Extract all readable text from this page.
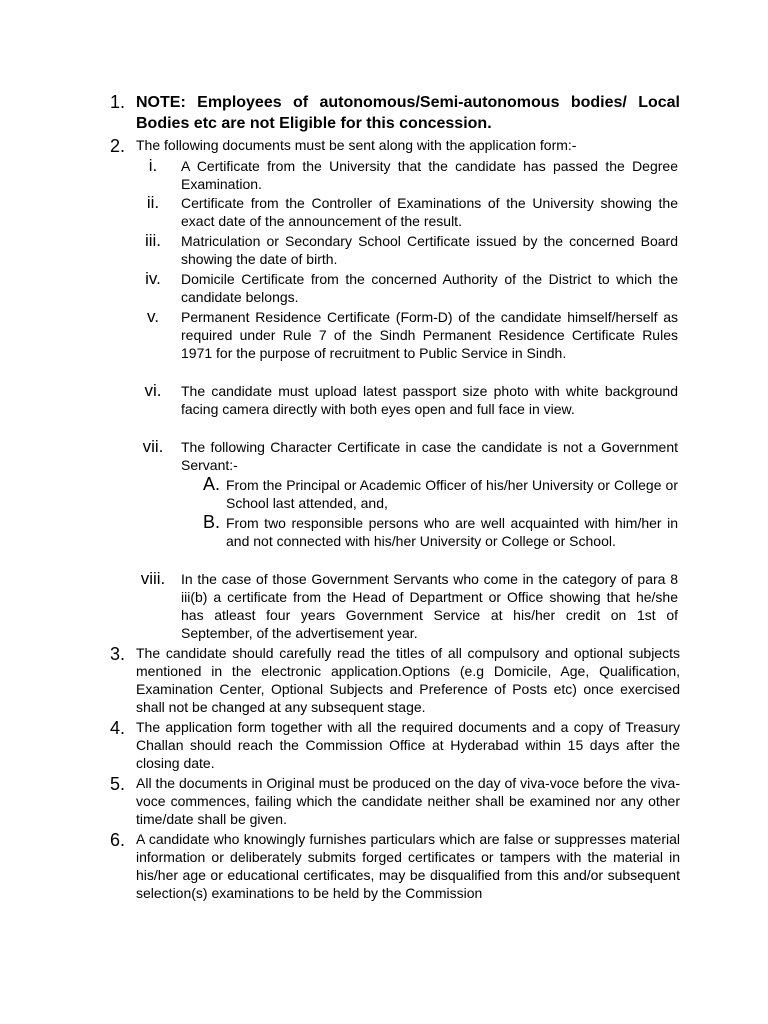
1. NOTE: Employees of autonomous/Semi-autonomous bodies/ Local Bodies etc are not Eligible for this concession.
2. The following documents must be sent along with the application form:-
i.	A Certificate from the University that the candidate has passed the Degree Examination.
ii.	Certificate from the Controller of Examinations of the University showing the exact date of the announcement of the result.
iii.	Matriculation or Secondary School Certificate issued by the concerned Board showing the date of birth.
iv.	Domicile Certificate from the concerned Authority of the District to which the candidate belongs.
v.	Permanent Residence Certificate (Form-D) of the candidate himself/herself as required under Rule 7 of the Sindh Permanent Residence Certificate Rules 1971 for the purpose of recruitment to Public Service in Sindh.
vi.	The candidate must upload latest passport size photo with white background facing camera directly with both eyes open and full face in view.
vii.	The following Character Certificate in case the candidate is not a Government Servant:-
A. From the Principal or Academic Officer of his/her University or College or School last attended, and,
B. From two responsible persons who are well acquainted with him/her in and not connected with his/her University or College or School.
viii.	In the case of those Government Servants who come in the category of para 8 iii(b) a certificate from the Head of Department or Office showing that he/she has atleast four years Government Service at his/her credit on 1st of September, of the advertisement year.
3. The candidate should carefully read the titles of all compulsory and optional subjects mentioned in the electronic application.Options (e.g Domicile, Age, Qualification, Examination Center, Optional Subjects and Preference of Posts etc) once exercised shall not be changed at any subsequent stage.
4. The application form together with all the required documents and a copy of Treasury Challan should reach the Commission Office at Hyderabad within 15 days after the closing date.
5. All the documents in Original must be produced on the day of viva-voce before the viva-voce commences, failing which the candidate neither shall be examined nor any other time/date shall be given.
6. A candidate who knowingly furnishes particulars which are false or suppresses material information or deliberately submits forged certificates or tampers with the material in his/her age or educational certificates, may be disqualified from this and/or subsequent selection(s) examinations to be held by the Commission
